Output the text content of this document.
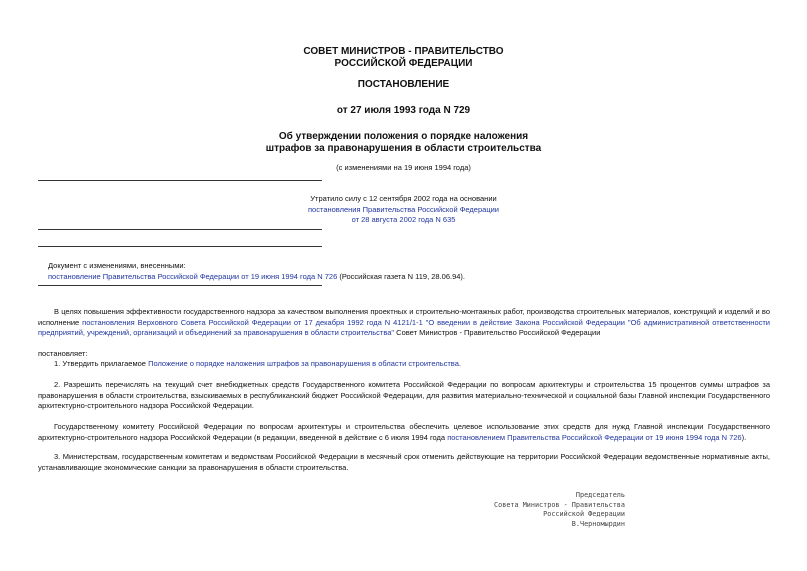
СОВЕТ МИНИСТРОВ - ПРАВИТЕЛЬСТВО
РОССИЙСКОЙ ФЕДЕРАЦИИ
ПОСТАНОВЛЕНИЕ
от 27 июля 1993 года N 729
Об утверждении положения о порядке наложения
штрафов за правонарушения в области строительства
(с изменениями на 19 июня 1994 года)
Утратило силу с 12 сентября 2002 года на основании
постановления Правительства Российской Федерации
от 28 августа 2002 года N 635
Документ с изменениями, внесенными:
постановление Правительства Российской Федерации от 19 июня 1994 года N 726 (Российская газета N 119, 28.06.94).
В целях повышения эффективности государственного надзора за качеством выполнения проектных и строительно-монтажных работ, производства строительных материалов, конструкций и изделий и во исполнение постановления Верховного Совета Российской Федерации от 17 декабря 1992 года N 4121/1-1 "О введении в действие Закона Российской Федерации "Об административной ответственности предприятий, учреждений, организаций и объединений за правонарушения в области строительства" Совет Министров - Правительство Российской Федерации
постановляет:
1. Утвердить прилагаемое Положение о порядке наложения штрафов за правонарушения в области строительства.
2. Разрешить перечислять на текущий счет внебюджетных средств Государственного комитета Российской Федерации по вопросам архитектуры и строительства 15 процентов суммы штрафов за правонарушения в области строительства, взыскиваемых в республиканский бюджет Российской Федерации, для развития материально-технической и социальной базы Главной инспекции Государственного архитектурно-строительного надзора Российской Федерации.
Государственному комитету Российской Федерации по вопросам архитектуры и строительства обеспечить целевое использование этих средств для нужд Главной инспекции Государственного архитектурно-строительного надзора Российской Федерации (в редакции, введенной в действие с 6 июля 1994 года постановлением Правительства Российской Федерации от 19 июня 1994 года N 726).
3. Министерствам, государственным комитетам и ведомствам Российской Федерации в месячный срок отменить действующие на территории Российской Федерации ведомственные нормативные акты, устанавливающие экономические санкции за правонарушения в области строительства.
Председатель
Совета Министров - Правительства
Российской Федерации
В.Черномырдин
